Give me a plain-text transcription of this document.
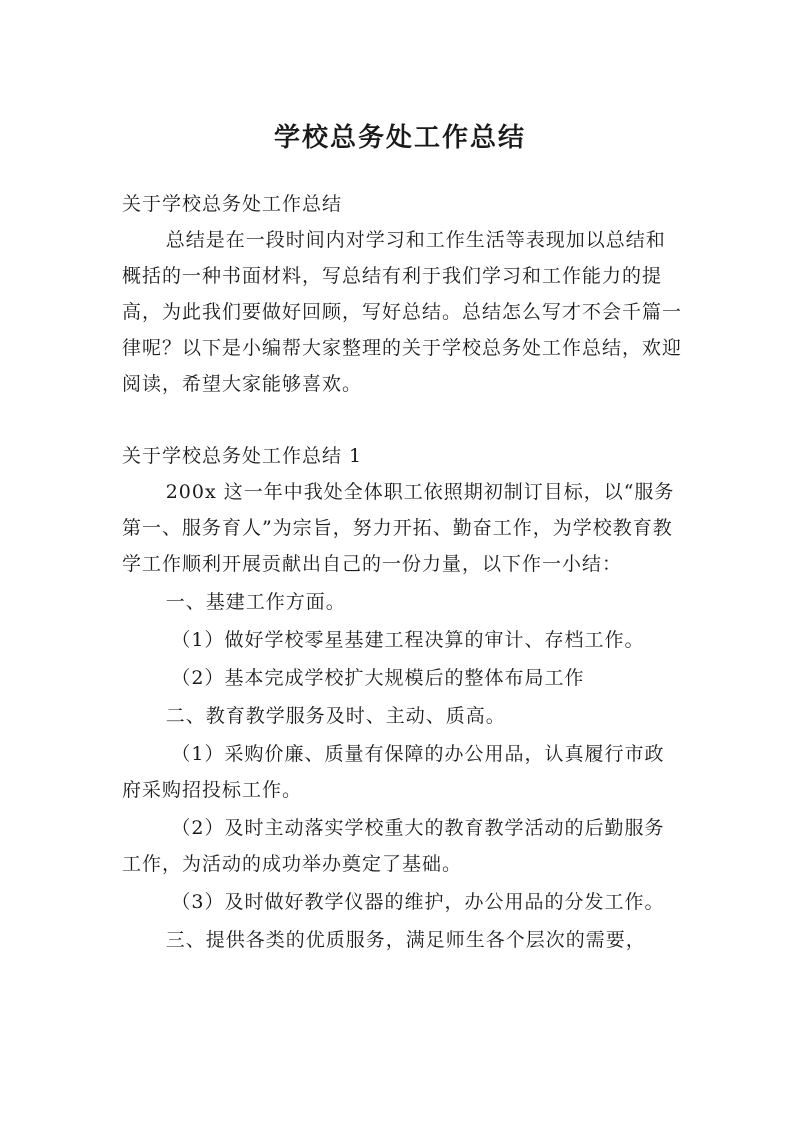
学校总务处工作总结

关于学校总务处工作总结

总结是在一段时间内对学习和工作生活等表现加以总结和概括的一种书面材料，写总结有利于我们学习和工作能力的提高，为此我们要做好回顾，写好总结。总结怎么写才不会千篇一律呢？以下是小编帮大家整理的关于学校总务处工作总结，欢迎阅读，希望大家能够喜欢。

关于学校总务处工作总结 1

200x 这一年中我处全体职工依照期初制订目标，以“服务第一、服务育人”为宗旨，努力开拓、勤奋工作，为学校教育教学工作顺利开展贡献出自己的一份力量，以下作一小结：

一、基建工作方面。

（1）做好学校零星基建工程决算的审计、存档工作。

（2）基本完成学校扩大规模后的整体布局工作

二、教育教学服务及时、主动、质高。

（1）采购价廉、质量有保障的办公用品，认真履行市政府采购招投标工作。

（2）及时主动落实学校重大的教育教学活动的后勤服务工作，为活动的成功举办奠定了基础。

（3）及时做好教学仪器的维护，办公用品的分发工作。

三、提供各类的优质服务，满足师生各个层次的需要，
